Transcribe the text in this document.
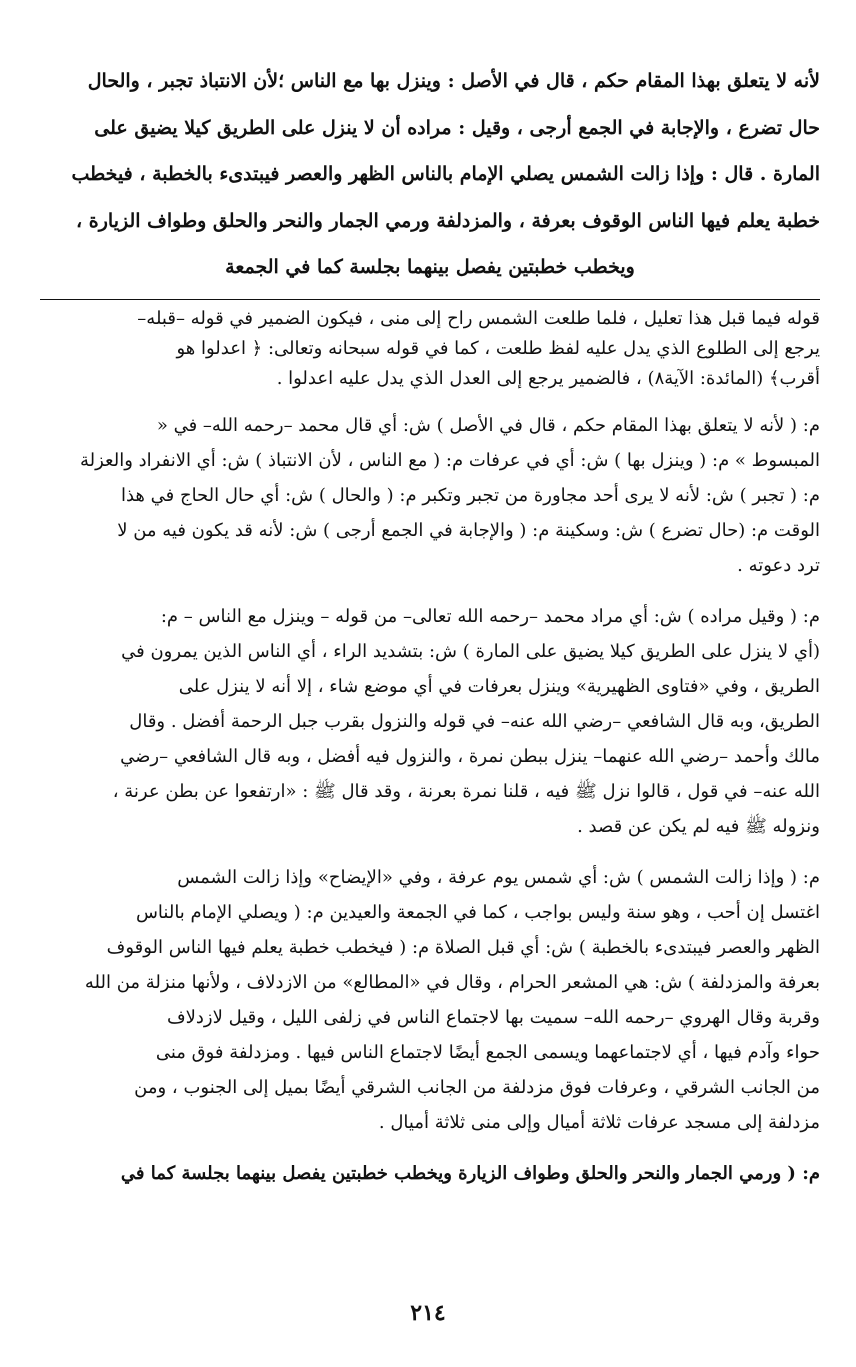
لأنه لا يتعلق بهذا المقام حكم ، قال في الأصل : وينزل بها مع الناس ؛لأن الانتباذ تجبر ، والحال
حال تضرع ، والإجابة في الجمع أرجى ، وقيل : مراده أن لا ينزل على الطريق كيلا يضيق على
المارة . قال : وإذا زالت الشمس يصلي الإمام بالناس الظهر والعصر فيبتدىء بالخطبة ، فيخطب
خطبة يعلم فيها الناس الوقوف بعرفة ، والمزدلفة ورمي الجمار والنحر والحلق وطواف الزيارة ،
ويخطب خطبتين يفصل بينهما بجلسة كما في الجمعة
قوله فيما قبل هذا تعليل ، فلما طلعت الشمس راح إلى منى ، فيكون الضمير في قوله –قبله–
يرجع إلى الطلوع الذي يدل عليه لفظ طلعت ، كما في قوله سبحانه وتعالى: ﴿ اعدلوا هو
أقرب﴾ (المائدة: الآية٨) ، فالضمير يرجع إلى العدل الذي يدل عليه اعدلوا .
م: ( لأنه لا يتعلق بهذا المقام حكم ، قال في الأصل ) ش: أي قال محمد –رحمه الله– في «
المبسوط » م: ( وينزل بها ) ش: أي في عرفات م: ( مع الناس ، لأن الانتباذ ) ش: أي الانفراد والعزلة
م: ( تجبر ) ش: لأنه لا يرى أحد مجاورة من تجبر وتكبر م: ( والحال ) ش: أي حال الحاج في هذا
الوقت م: (حال تضرع ) ش: وسكينة م: ( والإجابة في الجمع أرجى ) ش: لأنه قد يكون فيه من لا
ترد دعوته .
م: ( وقيل مراده ) ش: أي مراد محمد –رحمه الله تعالى– من قوله – وينزل مع الناس – م:
(أي لا ينزل على الطريق كيلا يضيق على المارة ) ش: بتشديد الراء ، أي الناس الذين يمرون في
الطريق ، وفي «فتاوى الظهيرية» وينزل بعرفات في أي موضع شاء ، إلا أنه لا ينزل على
الطريق، وبه قال الشافعي –رضي الله عنه– في قوله والنزول بقرب جبل الرحمة أفضل . وقال
مالك وأحمد –رضي الله عنهما– ينزل ببطن نمرة ، والنزول فيه أفضل ، وبه قال الشافعي –رضي
الله عنه– في قول ، قالوا نزل ﷺ فيه ، قلنا نمرة بعرنة ، وقد قال ﷺ : «ارتفعوا عن بطن عرنة ،
ونزوله ﷺ فيه لم يكن عن قصد .
م: ( وإذا زالت الشمس ) ش: أي شمس يوم عرفة ، وفي «الإيضاح» وإذا زالت الشمس
اغتسل إن أحب ، وهو سنة وليس بواجب ، كما في الجمعة والعيدين م: ( ويصلي الإمام بالناس
الظهر والعصر فيبتدىء بالخطبة ) ش: أي قبل الصلاة م: ( فيخطب خطبة يعلم فيها الناس الوقوف
بعرفة والمزدلفة ) ش: هي المشعر الحرام ، وقال في «المطالع» من الازدلاف ، ولأنها منزلة من الله
وقربة وقال الهروي –رحمه الله– سميت بها لاجتماع الناس في زلفى الليل ، وقيل لازدلاف
حواء وآدم فيها ، أي لاجتماعهما ويسمى الجمع أيضًا لاجتماع الناس فيها . ومزدلفة فوق منى
من الجانب الشرقي ، وعرفات فوق مزدلفة من الجانب الشرقي أيضًا بميل إلى الجنوب ، ومن
مزدلفة إلى مسجد عرفات ثلاثة أميال وإلى منى ثلاثة أميال .
م: ( ورمي الجمار والنحر والحلق وطواف الزيارة ويخطب خطبتين يفصل بينهما بجلسة كما في
٢١٤
